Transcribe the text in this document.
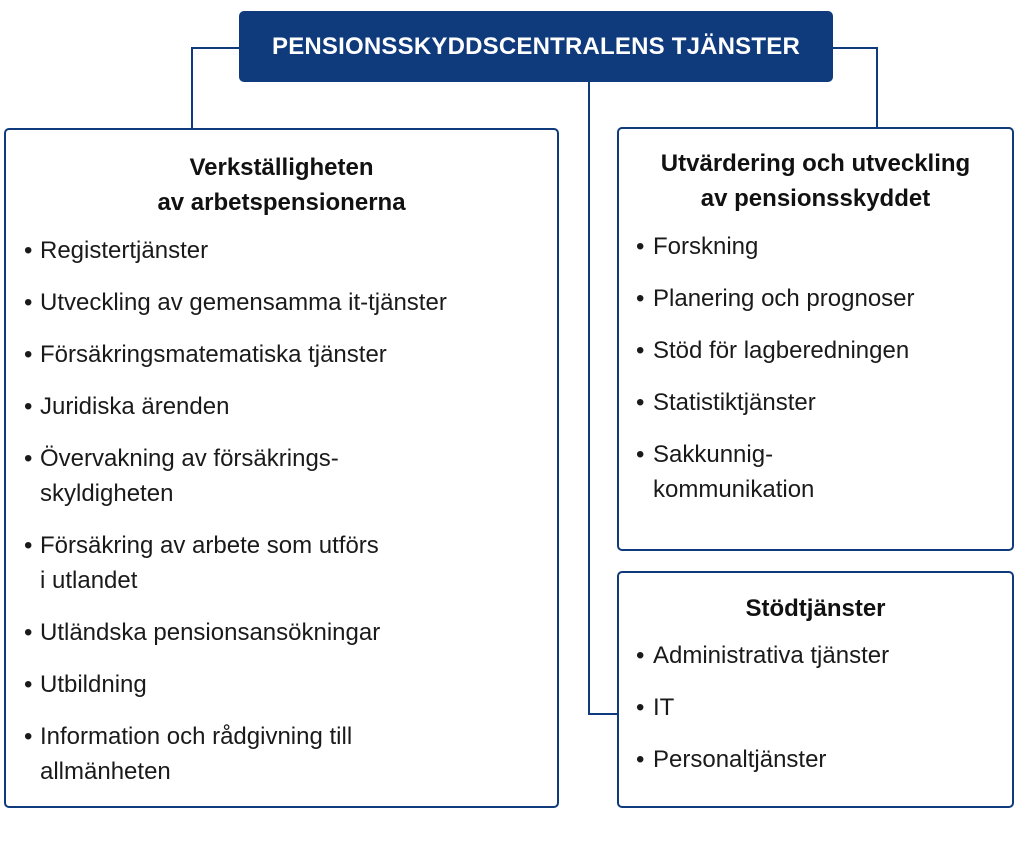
PENSIONSSKYDDSCENTRALENS TJÄNSTER
Verkställigheten
av arbetspensionerna
• Registertjänster
• Utveckling av gemensamma it-tjänster
• Försäkringsmatematiska tjänster
• Juridiska ärenden
• Övervakning av försäkrings-
skyldigheten
• Försäkring av arbete som utförs
i utlandet
• Utländska pensionsansökningar
• Utbildning
• Information och rådgivning till
allmänheten
Utvärdering och utveckling
av pensionsskyddet
• Forskning
• Planering och prognoser
• Stöd för lagberedningen
• Statistiktjänster
• Sakkunnig-
kommunikation
Stödtjänster
• Administrativa tjänster
• IT
• Personaltjänster
